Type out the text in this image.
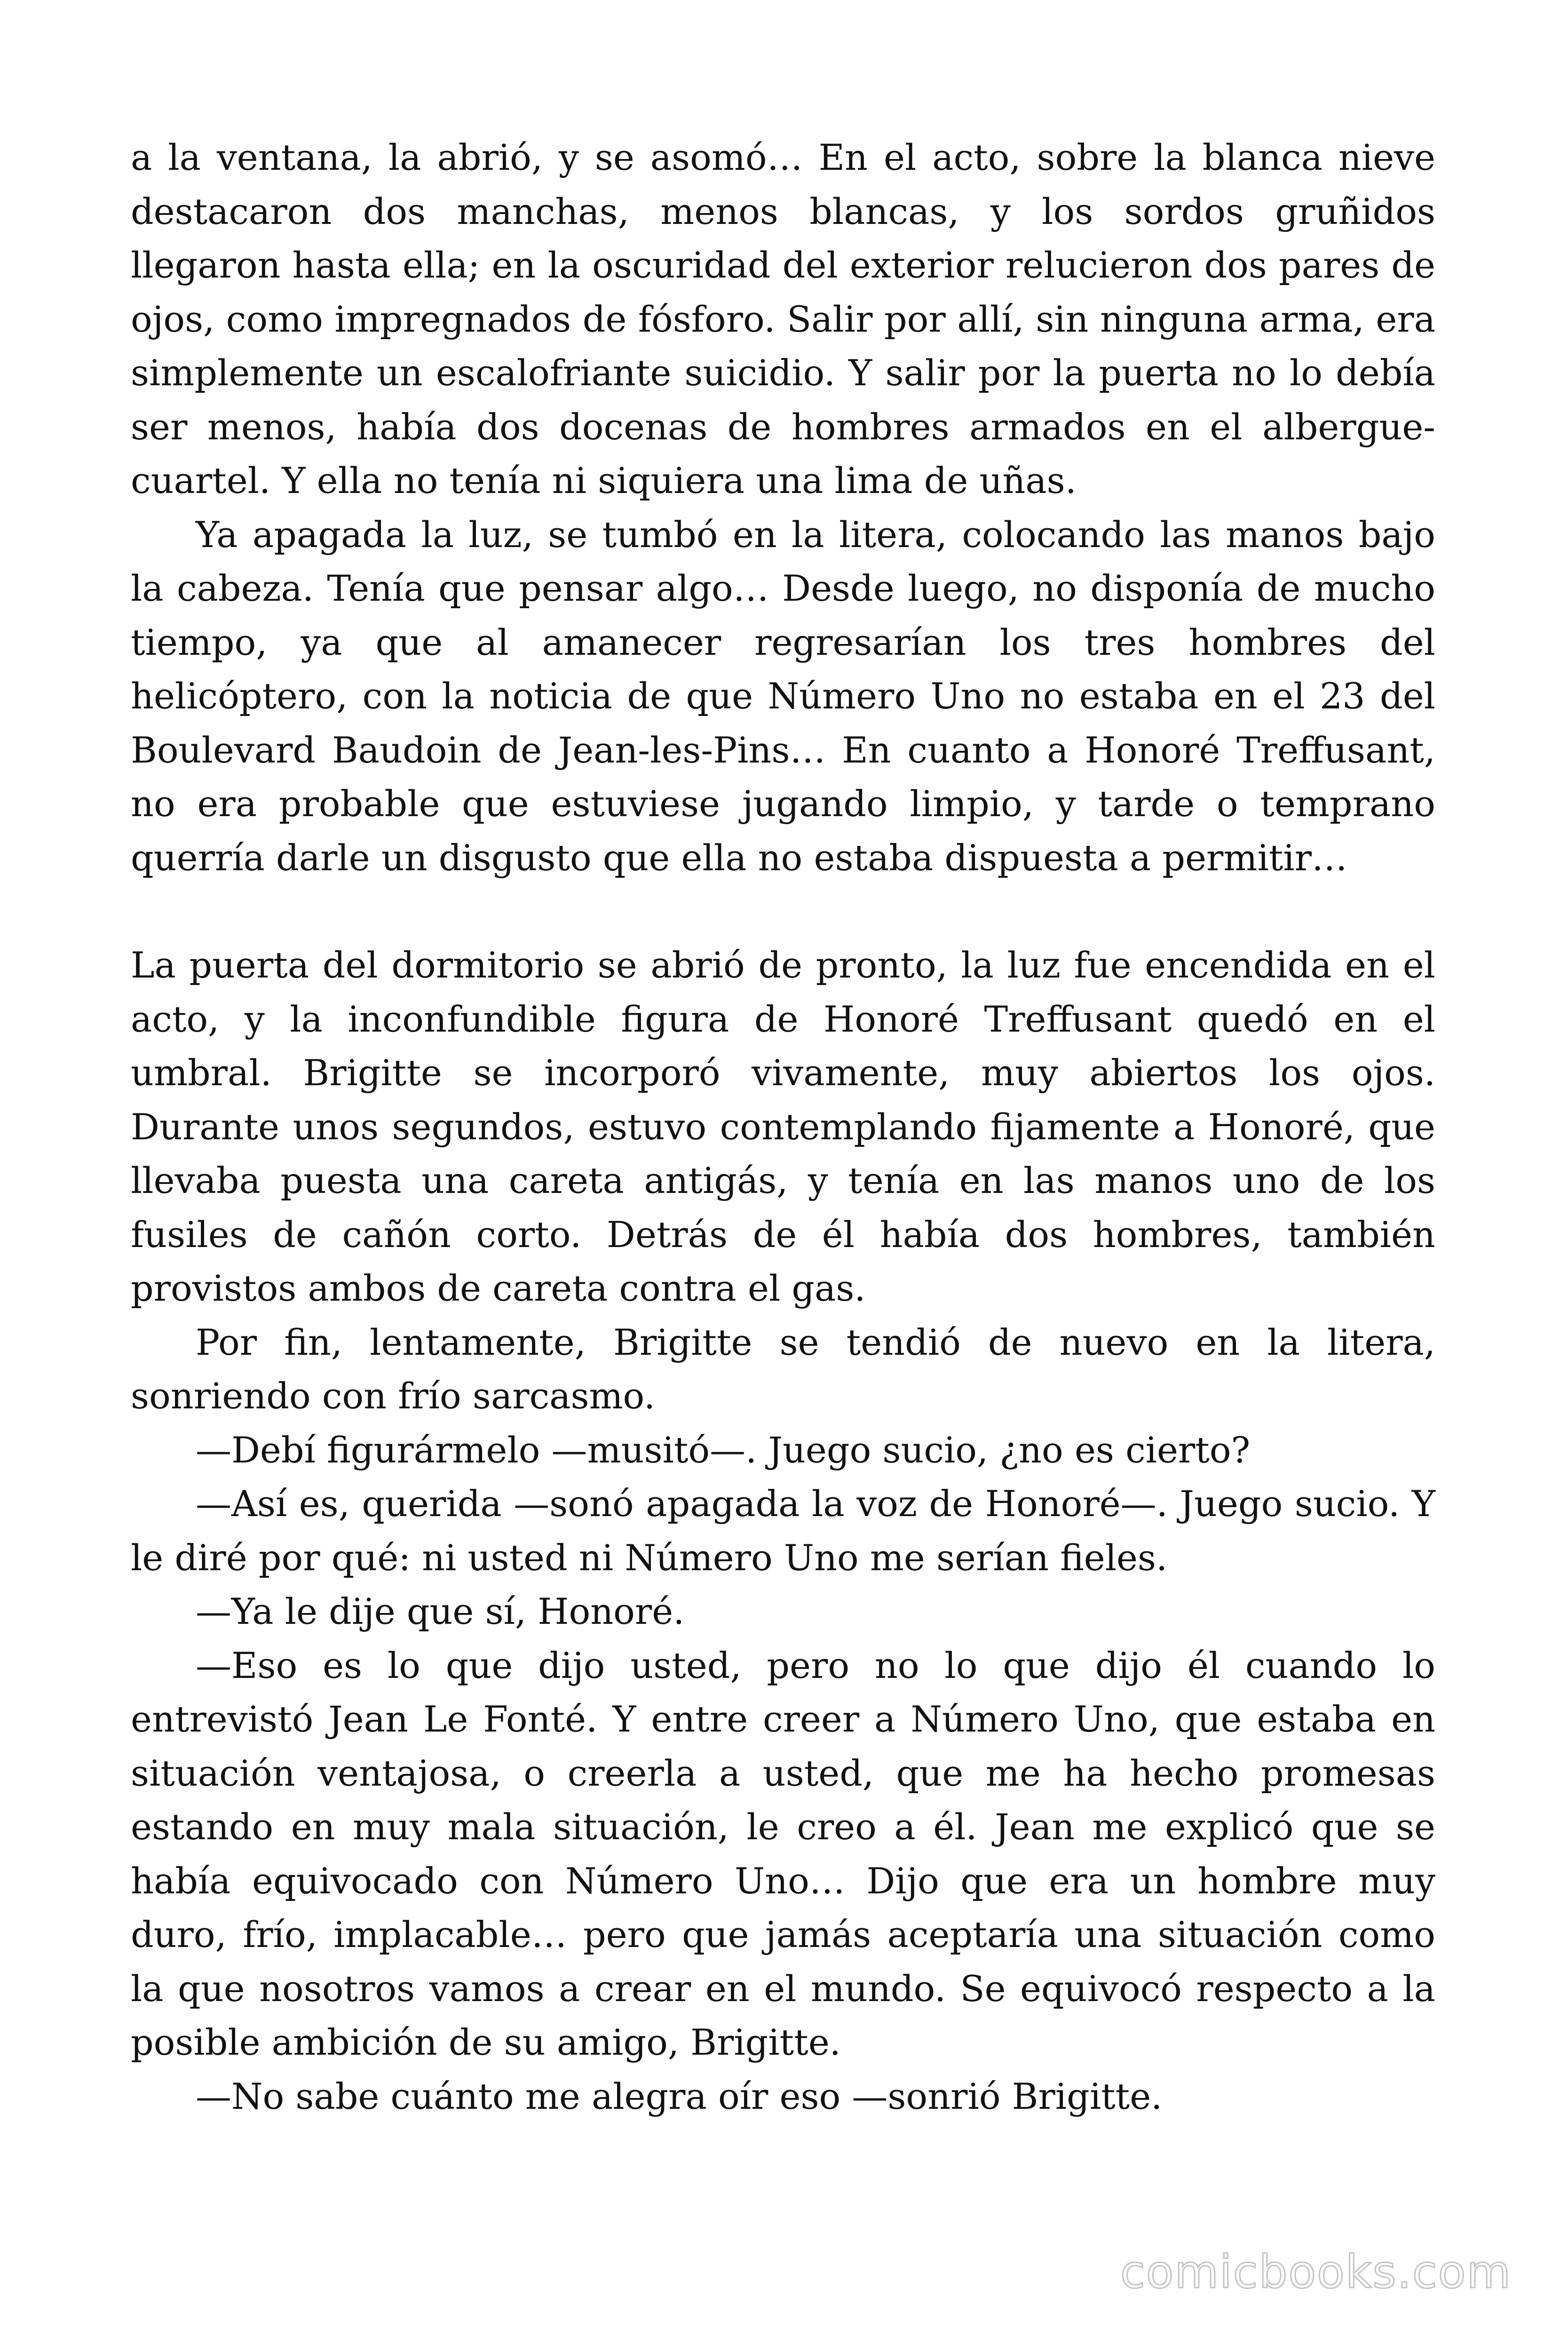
a la ventana, la abrió, y se asomó… En el acto, sobre la blanca nieve destacaron dos manchas, menos blancas, y los sordos gruñidos llegaron hasta ella; en la oscuridad del exterior relucieron dos pares de ojos, como impregnados de fósforo. Salir por allí, sin ninguna arma, era simplemente un escalofriante suicidio. Y salir por la puerta no lo debía ser menos, había dos docenas de hombres armados en el albergue-cuartel. Y ella no tenía ni siquiera una lima de uñas.

Ya apagada la luz, se tumbó en la litera, colocando las manos bajo la cabeza. Tenía que pensar algo… Desde luego, no disponía de mucho tiempo, ya que al amanecer regresarían los tres hombres del helicóptero, con la noticia de que Número Uno no estaba en el 23 del Boulevard Baudoin de Jean-les-Pins… En cuanto a Honoré Treffusant, no era probable que estuviese jugando limpio, y tarde o temprano querría darle un disgusto que ella no estaba dispuesta a permitir…

La puerta del dormitorio se abrió de pronto, la luz fue encendida en el acto, y la inconfundible figura de Honoré Treffusant quedó en el umbral. Brigitte se incorporó vivamente, muy abiertos los ojos. Durante unos segundos, estuvo contemplando fijamente a Honoré, que llevaba puesta una careta antigás, y tenía en las manos uno de los fusiles de cañón corto. Detrás de él había dos hombres, también provistos ambos de careta contra el gas.

Por fin, lentamente, Brigitte se tendió de nuevo en la litera, sonriendo con frío sarcasmo.

—Debí figurármelo —musitó—. Juego sucio, ¿no es cierto?

—Así es, querida —sonó apagada la voz de Honoré—. Juego sucio. Y le diré por qué: ni usted ni Número Uno me serían fieles.

—Ya le dije que sí, Honoré.

—Eso es lo que dijo usted, pero no lo que dijo él cuando lo entrevistó Jean Le Fonté. Y entre creer a Número Uno, que estaba en situación ventajosa, o creerla a usted, que me ha hecho promesas estando en muy mala situación, le creo a él. Jean me explicó que se había equivocado con Número Uno… Dijo que era un hombre muy duro, frío, implacable… pero que jamás aceptaría una situación como la que nosotros vamos a crear en el mundo. Se equivocó respecto a la posible ambición de su amigo, Brigitte.

—No sabe cuánto me alegra oír eso —sonrió Brigitte.

comicbooks.com
